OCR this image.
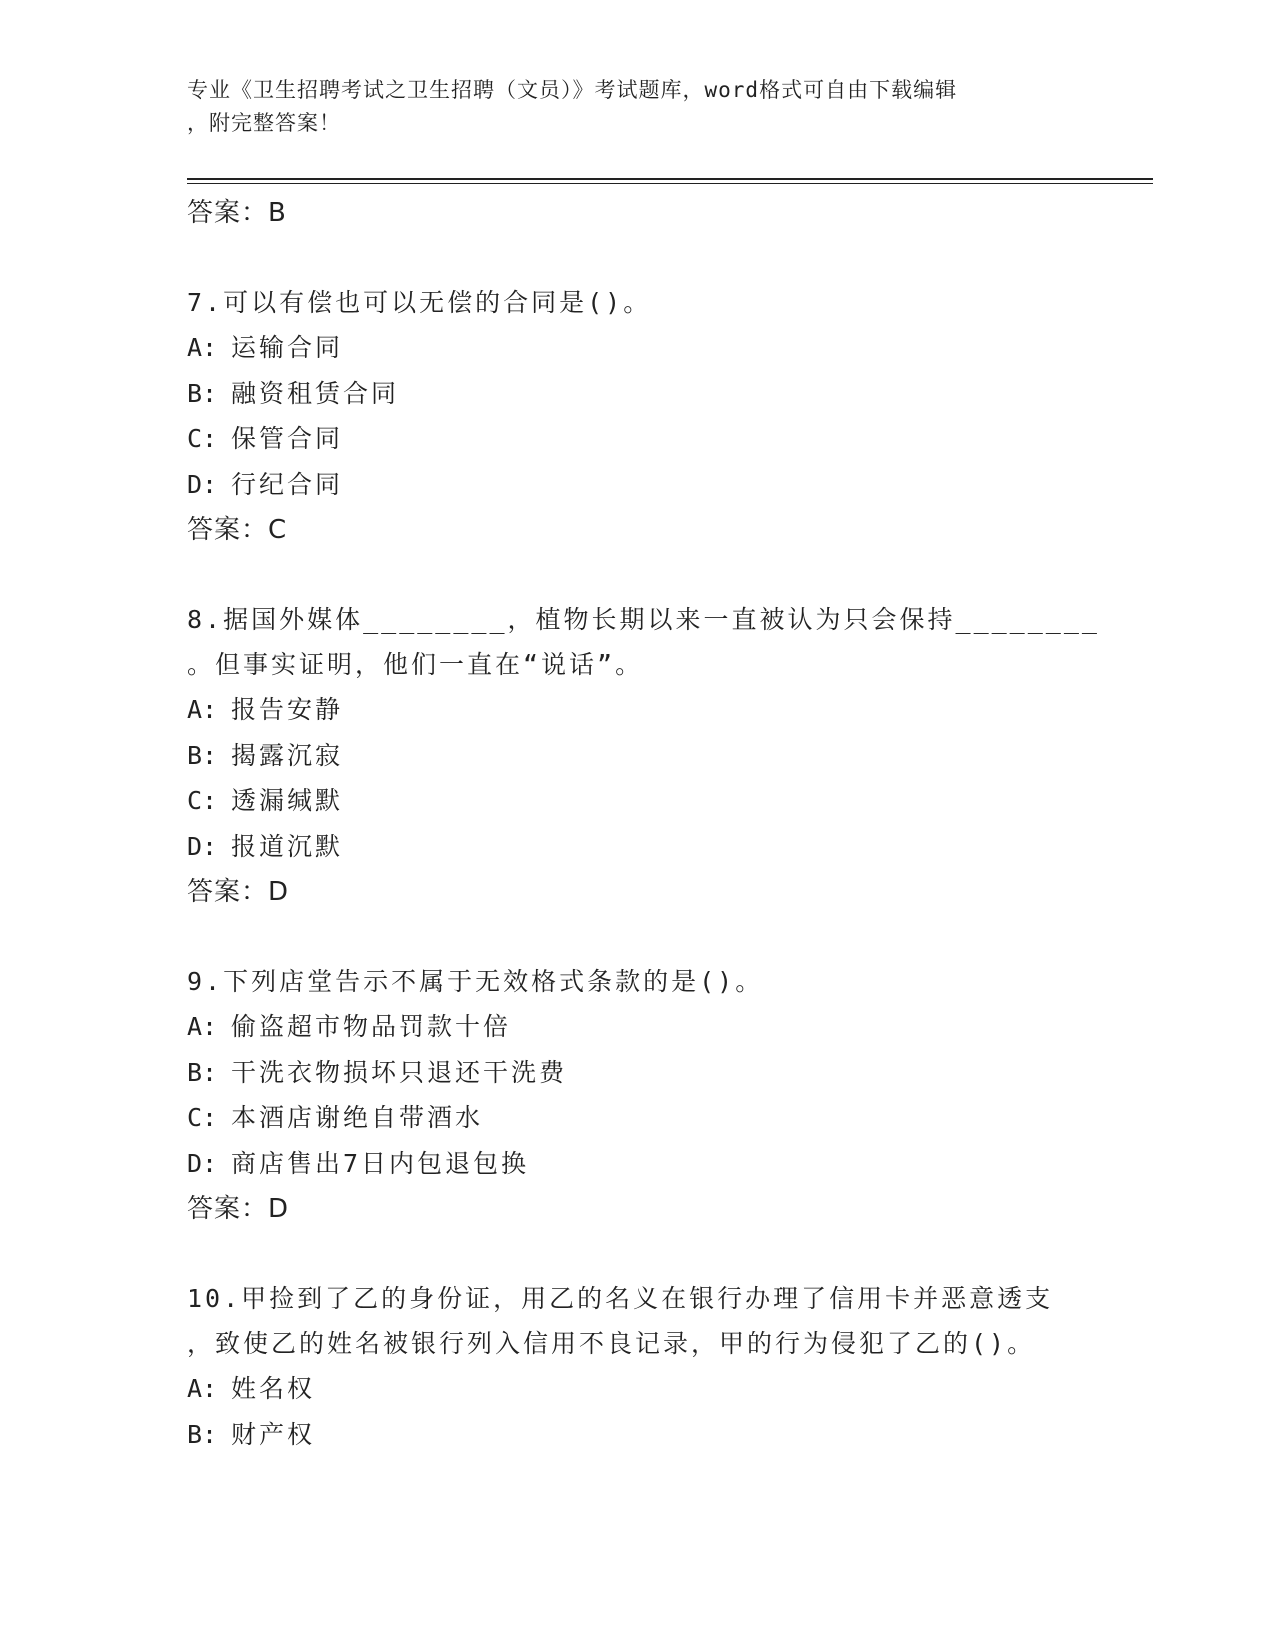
专业《卫生招聘考试之卫生招聘（文员）》考试题库，word格式可自由下载编辑
，附完整答案！
答案：B
7.可以有偿也可以无偿的合同是()。
A: 运输合同
B: 融资租赁合同
C: 保管合同
D: 行纪合同
答案：C
8.据国外媒体________，植物长期以来一直被认为只会保持________
。但事实证明，他们一直在“说话”。
A: 报告安静
B: 揭露沉寂
C: 透漏缄默
D: 报道沉默
答案：D
9.下列店堂告示不属于无效格式条款的是()。
A: 偷盗超市物品罚款十倍
B: 干洗衣物损坏只退还干洗费
C: 本酒店谢绝自带酒水
D: 商店售出7日内包退包换
答案：D
10.甲捡到了乙的身份证，用乙的名义在银行办理了信用卡并恶意透支
，致使乙的姓名被银行列入信用不良记录，甲的行为侵犯了乙的()。
A: 姓名权
B: 财产权
